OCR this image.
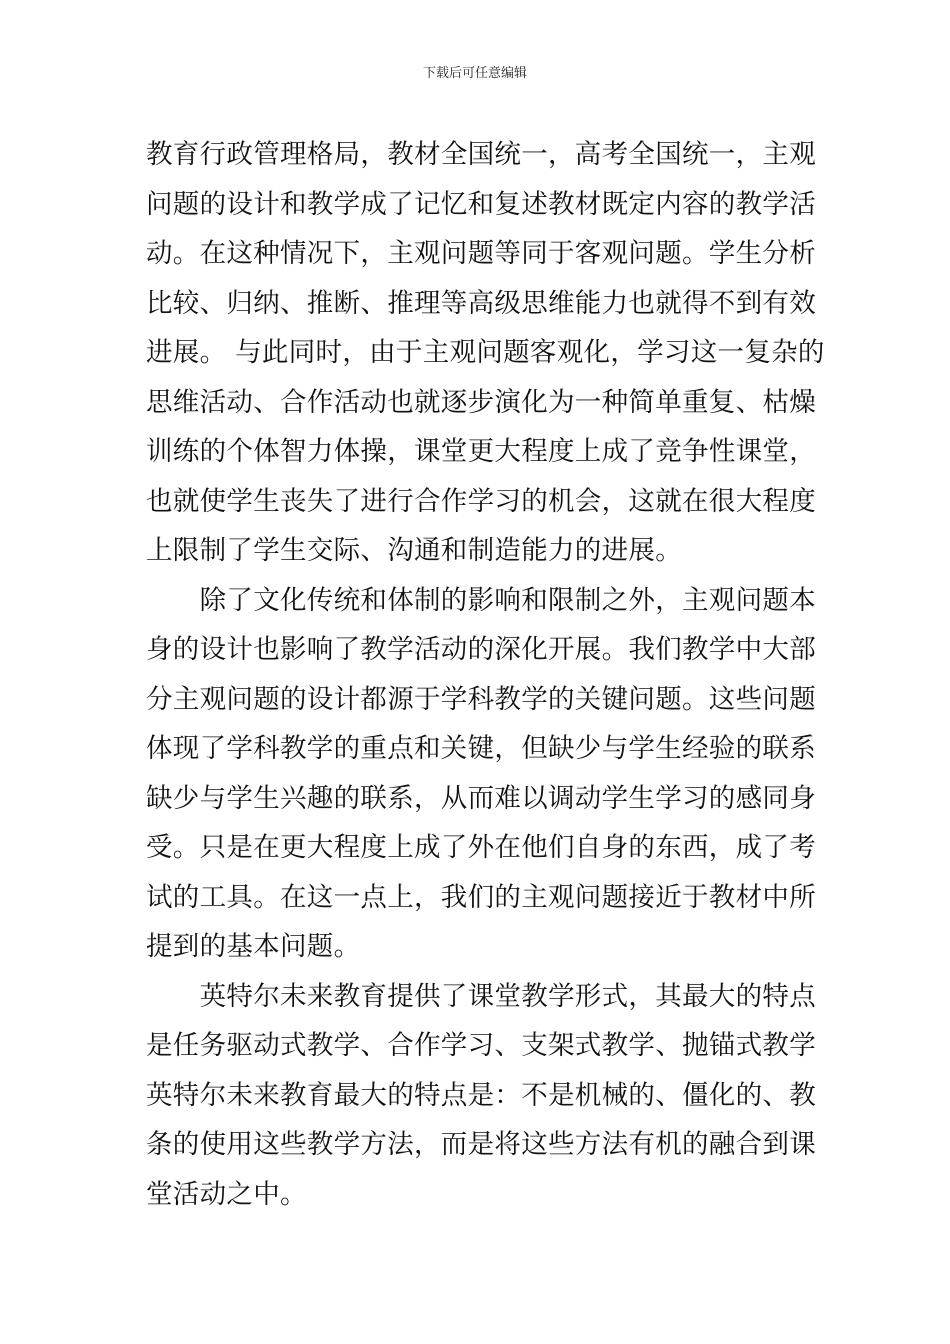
下载后可任意编辑
教育行政管理格局，教材全国统一，高考全国统一，主观
问题的设计和教学成了记忆和复述教材既定内容的教学活
动。在这种情况下，主观问题等同于客观问题。学生分析
比较、归纳、推断、推理等高级思维能力也就得不到有效
进展。 与此同时，由于主观问题客观化，学习这一复杂的
思维活动、合作活动也就逐步演化为一种简单重复、枯燥
训练的个体智力体操，课堂更大程度上成了竞争性课堂，
也就使学生丧失了进行合作学习的机会，这就在很大程度
上限制了学生交际、沟通和制造能力的进展。
　　除了文化传统和体制的影响和限制之外，主观问题本
身的设计也影响了教学活动的深化开展。我们教学中大部
分主观问题的设计都源于学科教学的关键问题。这些问题
体现了学科教学的重点和关键，但缺少与学生经验的联系
缺少与学生兴趣的联系，从而难以调动学生学习的感同身
受。只是在更大程度上成了外在他们自身的东西，成了考
试的工具。在这一点上，我们的主观问题接近于教材中所
提到的基本问题。
　　英特尔未来教育提供了课堂教学形式，其最大的特点
是任务驱动式教学、合作学习、支架式教学、抛锚式教学
英特尔未来教育最大的特点是：不是机械的、僵化的、教
条的使用这些教学方法，而是将这些方法有机的融合到课
堂活动之中。
